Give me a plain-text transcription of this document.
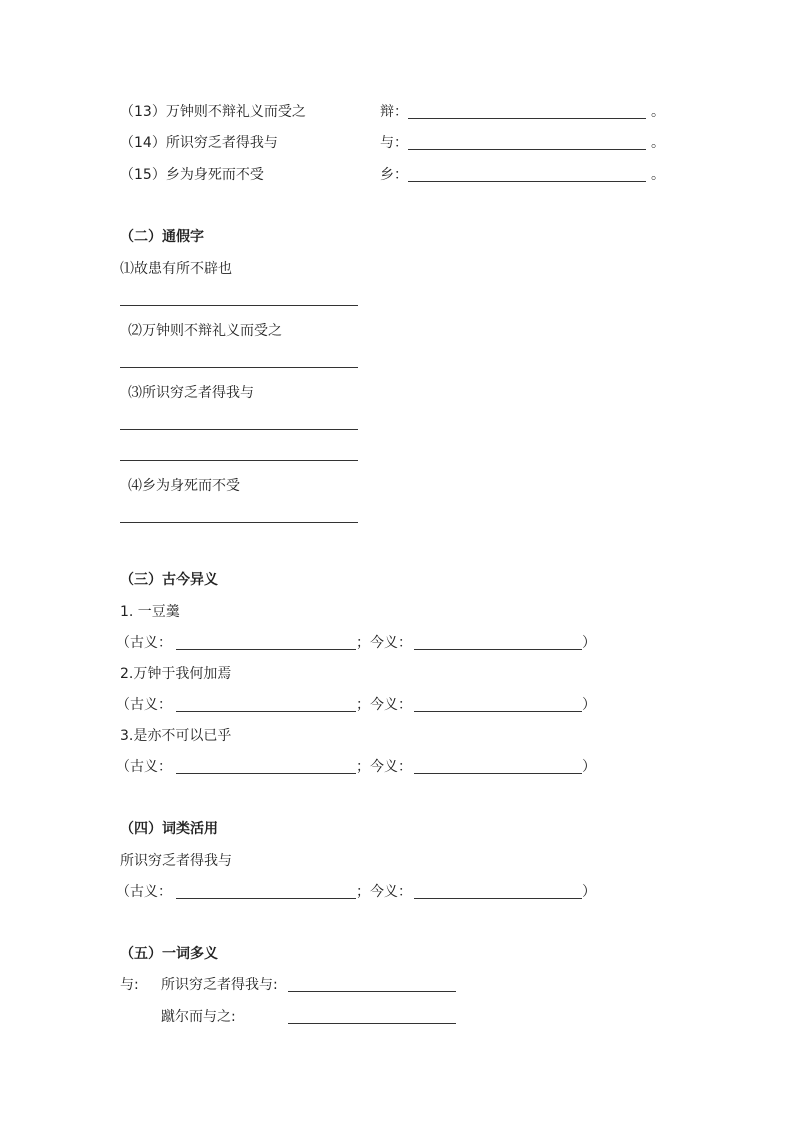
（13）万钟则不辩礼义而受之	辩：	。
（14）所识穷乏者得我与	与：	。
（15）乡为身死而不受	乡：	。
（二）通假字
⑴故患有所不辟也
⑵万钟则不辩礼义而受之
⑶所识穷乏者得我与
⑷乡为身死而不受
（三）古今异义
1. 一豆羹
（古义：	；今义：	）
2.万钟于我何加焉
（古义：	；今义：	）
3.是亦不可以已乎
（古义：	；今义：	）
（四）词类活用
所识穷乏者得我与
（古义：	；今义：	）
（五）一词多义
与: 所识穷乏者得我与:
蹴尔而与之:
